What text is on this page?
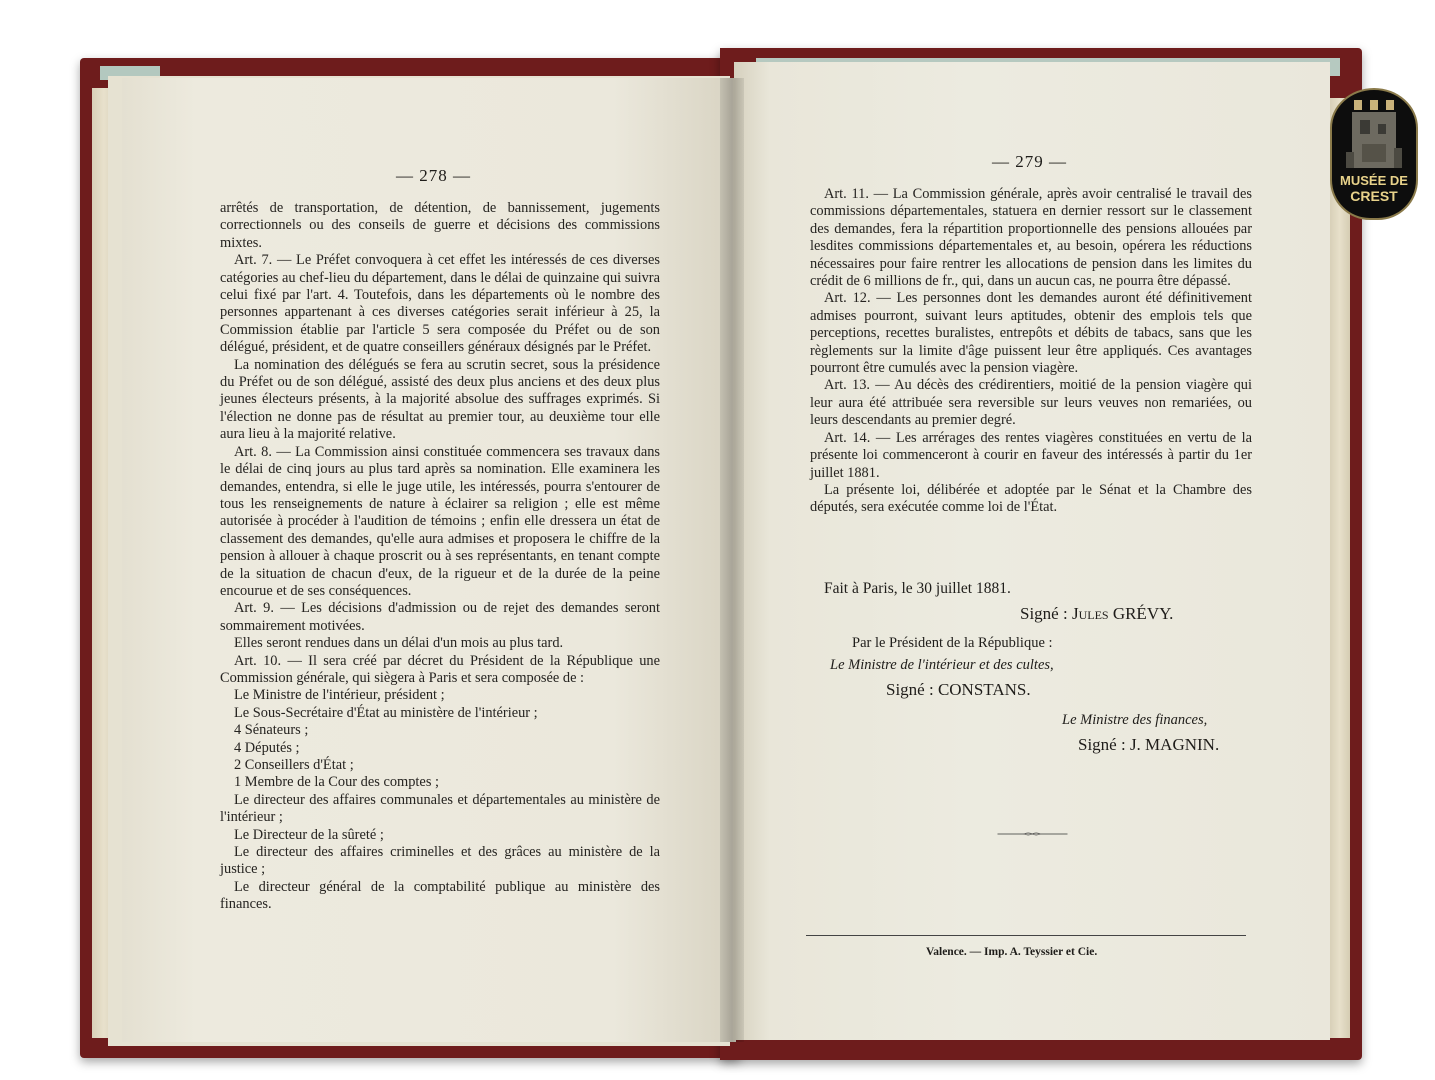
— 278 —

arrêtés de transportation, de détention, de bannissement, jugements correctionnels ou des conseils de guerre et décisions des commissions mixtes.

Art. 7. — Le Préfet convoquera à cet effet les intéressés de ces diverses catégories au chef-lieu du département, dans le délai de quinzaine qui suivra celui fixé par l'art. 4. Toutefois, dans les départements où le nombre des personnes appartenant à ces diverses catégories serait inférieur à 25, la Commission établie par l'article 5 sera composée du Préfet ou de son délégué, président, et de quatre conseillers généraux désignés par le Préfet.

La nomination des délégués se fera au scrutin secret, sous la présidence du Préfet ou de son délégué, assisté des deux plus anciens et des deux plus jeunes électeurs présents, à la majorité absolue des suffrages exprimés. Si l'élection ne donne pas de résultat au premier tour, au deuxième tour elle aura lieu à la majorité relative.

Art. 8. — La Commission ainsi constituée commencera ses travaux dans le délai de cinq jours au plus tard après sa nomination. Elle examinera les demandes, entendra, si elle le juge utile, les intéressés, pourra s'entourer de tous les renseignements de nature à éclairer sa religion ; elle est même autorisée à procéder à l'audition de témoins ; enfin elle dressera un état de classement des demandes, qu'elle aura admises et proposera le chiffre de la pension à allouer à chaque proscrit ou à ses représentants, en tenant compte de la situation de chacun d'eux, de la rigueur et de la durée de la peine encourue et de ses conséquences.

Art. 9. — Les décisions d'admission ou de rejet des demandes seront sommairement motivées.

Elles seront rendues dans un délai d'un mois au plus tard.

Art. 10. — Il sera créé par décret du Président de la République une Commission générale, qui siègera à Paris et sera composée de :

Le Ministre de l'intérieur, président ;

Le Sous-Secrétaire d'État au ministère de l'intérieur ;

4 Sénateurs ;

4 Députés ;

2 Conseillers d'État ;

1 Membre de la Cour des comptes ;

Le directeur des affaires communales et départementales au ministère de l'intérieur ;

Le Directeur de la sûreté ;

Le directeur des affaires criminelles et des grâces au ministère de la justice ;

Le directeur général de la comptabilité publique au ministère des finances.

— 279 —

Art. 11. — La Commission générale, après avoir centralisé le travail des commissions départementales, statuera en dernier ressort sur le classement des demandes, fera la répartition proportionnelle des pensions allouées par lesdites commissions départementales et, au besoin, opérera les réductions nécessaires pour faire rentrer les allocations de pension dans les limites du crédit de 6 millions de fr., qui, dans un aucun cas, ne pourra être dépassé.

Art. 12. — Les personnes dont les demandes auront été définitivement admises pourront, suivant leurs aptitudes, obtenir des emplois tels que perceptions, recettes buralistes, entrepôts et débits de tabacs, sans que les règlements sur la limite d'âge puissent leur être appliqués. Ces avantages pourront être cumulés avec la pension viagère.

Art. 13. — Au décès des crédirentiers, moitié de la pension viagère qui leur aura été attribuée sera reversible sur leurs veuves non remariées, ou leurs descendants au premier degré.

Art. 14. — Les arrérages des rentes viagères constituées en vertu de la présente loi commenceront à courir en faveur des intéressés à partir du 1er juillet 1881.

La présente loi, délibérée et adoptée par le Sénat et la Chambre des députés, sera exécutée comme loi de l'État.

Fait à Paris, le 30 juillet 1881.
Signé : Jules GRÉVY.
Par le Président de la République :
Le Ministre de l'intérieur et des cultes,
Signé : CONSTANS.
Le Ministre des finances,
Signé : J. MAGNIN.
Valence. — Imp. A. Teyssier et Cie.
MUSÉE DE
CREST
